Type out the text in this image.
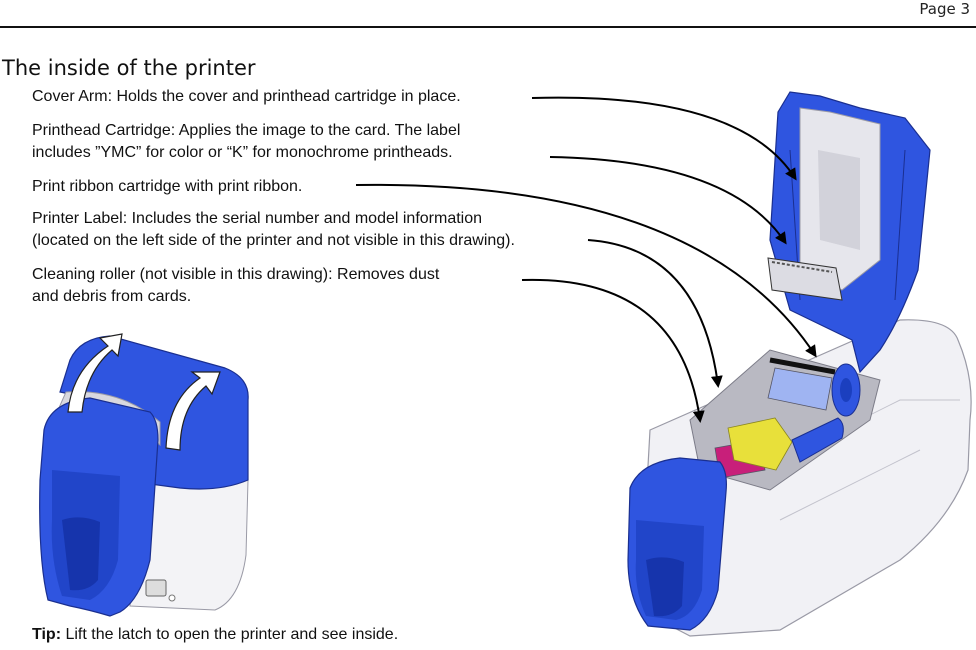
Page 3
The inside of the printer
Cover Arm: Holds the cover and printhead cartridge in place.
Printhead Cartridge: Applies the image to the card. The label
includes ”YMC” for color or “K” for monochrome printheads.
Print ribbon cartridge with print ribbon.
Printer Label: Includes the serial number and model information
(located on the left side of the printer and not visible in this drawing).
Cleaning roller (not visible in this drawing): Removes dust
and debris from cards.
Tip: Lift the latch to open the printer and see inside.
